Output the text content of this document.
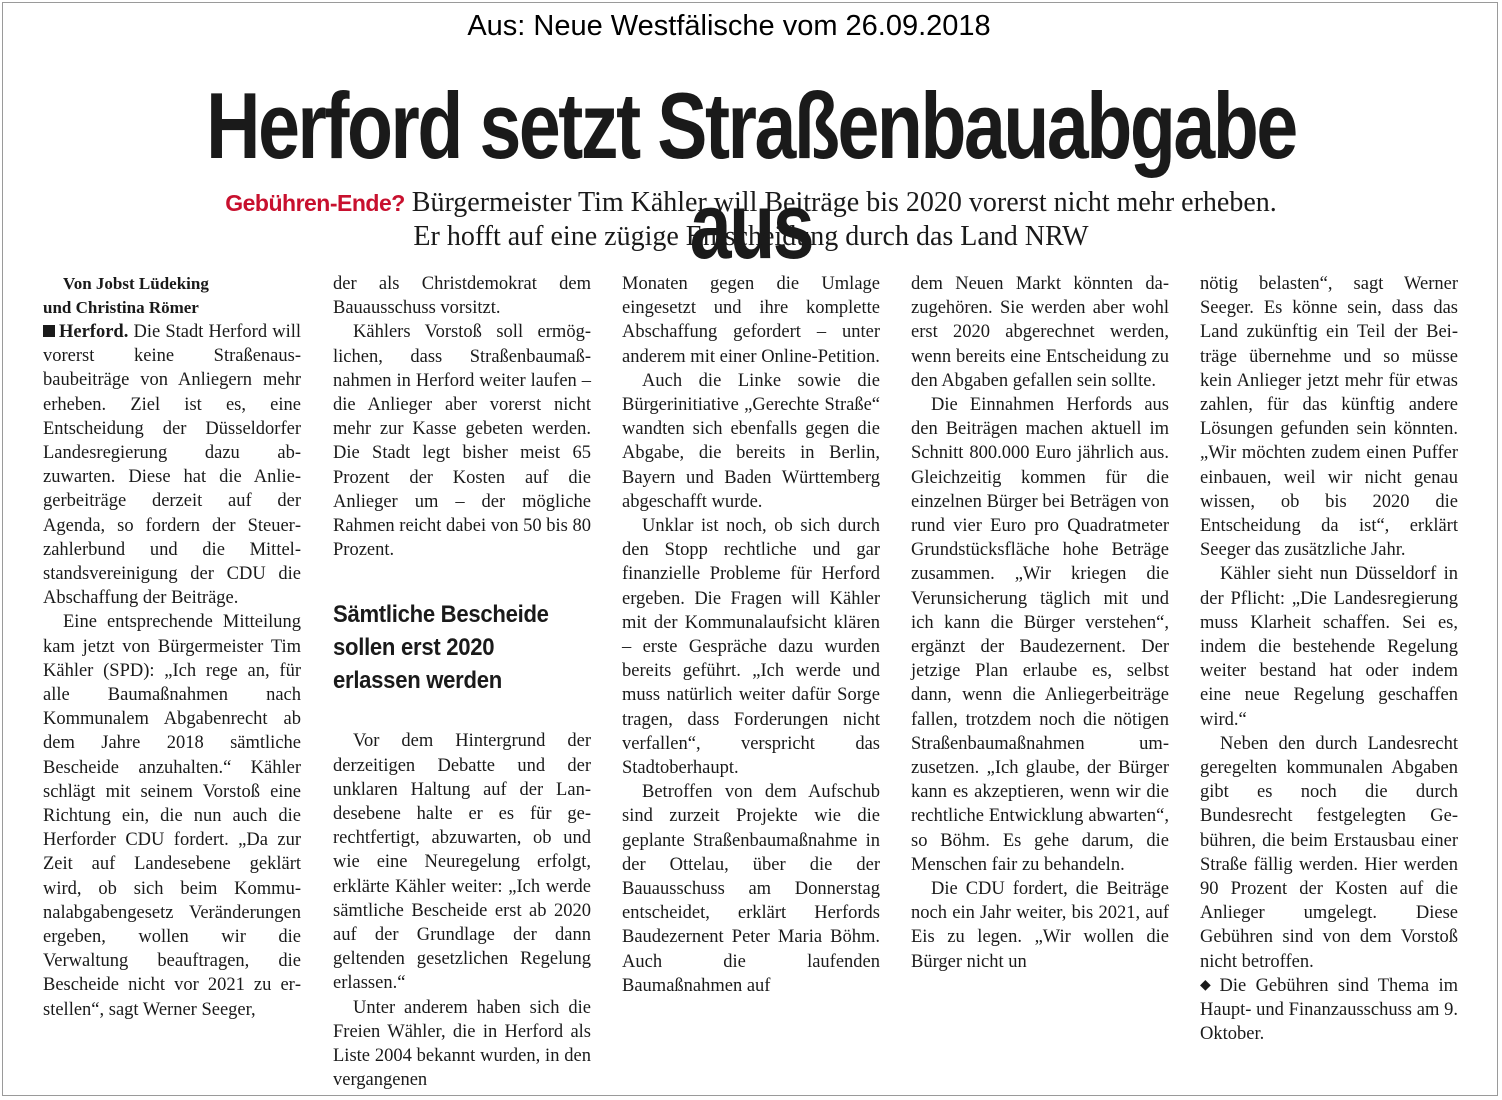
Aus: Neue Westfälische vom 26.09.2018
Herford setzt Straßenbauabgabe aus
Gebühren-Ende? Bürgermeister Tim Kähler will Beiträge bis 2020 vorerst nicht mehr erheben.
Er hofft auf eine zügige Entscheidung durch das Land NRW

Von Jobst Lüdeking
und Christina Römer

Herford. Die Stadt Herford will vorerst keine Straßenausbaubeiträge von Anliegern mehr erheben. Ziel ist es, eine Entscheidung der Düsseldorfer Landesregierung dazu abzuwarten. Diese hat die Anliegerbeiträge derzeit auf der Agenda, so fordern der Steuerzahlerbund und die Mittelstandsvereinigung der CDU die Abschaffung der Beiträge.

Eine entsprechende Mitteilung kam jetzt von Bürgermeister Tim Kähler (SPD): „Ich rege an, für alle Baumaßnahmen nach Kommunalem Abgabenrecht ab dem Jahre 2018 sämtliche Bescheide anzuhalten.“ Kähler schlägt mit seinem Vorstoß eine Richtung ein, die nun auch die Herforder CDU fordert. „Da zur Zeit auf Landesebene geklärt wird, ob sich beim Kommunalabgabengesetz Veränderungen ergeben, wollen wir die Verwaltung beauftragen, die Bescheide nicht vor 2021 zu erstellen“, sagt Werner Seeger,

der als Christdemokrat dem Bauausschuss vorsitzt.

Kählers Vorstoß soll ermöglichen, dass Straßenbaumaßnahmen in Herford weiter laufen – die Anlieger aber vorerst nicht mehr zur Kasse gebeten werden. Die Stadt legt bisher meist 65 Prozent der Kosten auf die Anlieger um – der mögliche Rahmen reicht dabei von 50 bis 80 Prozent.

Sämtliche Bescheide sollen erst 2020 erlassen werden

Vor dem Hintergrund der derzeitigen Debatte und der unklaren Haltung auf der Landesebene halte er es für gerechtfertigt, abzuwarten, ob und wie eine Neuregelung erfolgt, erklärte Kähler weiter: „Ich werde sämtliche Bescheide erst ab 2020 auf der Grundlage der dann geltenden gesetzlichen Regelung erlassen.“

Unter anderem haben sich die Freien Wähler, die in Herford als Liste 2004 bekannt wurden, in den vergangenen

Monaten gegen die Umlage eingesetzt und ihre komplette Abschaffung gefordert – unter anderem mit einer Online-Petition.

Auch die Linke sowie die Bürgerinitiative „Gerechte Straße“ wandten sich ebenfalls gegen die Abgabe, die bereits in Berlin, Bayern und Baden Württemberg abgeschafft wurde.

Unklar ist noch, ob sich durch den Stopp rechtliche und gar finanzielle Probleme für Herford ergeben. Die Fragen will Kähler mit der Kommunalaufsicht klären – erste Gespräche dazu wurden bereits geführt. „Ich werde und muss natürlich weiter dafür Sorge tragen, dass Forderungen nicht verfallen“, verspricht das Stadtoberhaupt.

Betroffen von dem Aufschub sind zurzeit Projekte wie die geplante Straßenbaumaßnahme in der Ottelau, über die der Bauausschuss am Donnerstag entscheidet, erklärt Herfords Baudezernent Peter Maria Böhm. Auch die laufenden Baumaßnahmen auf

dem Neuen Markt könnten dazugehören. Sie werden aber wohl erst 2020 abgerechnet werden, wenn bereits eine Entscheidung zu den Abgaben gefallen sein sollte.

Die Einnahmen Herfords aus den Beiträgen machen aktuell im Schnitt 800.000 Euro jährlich aus. Gleichzeitig kommen für die einzelnen Bürger bei Beträgen von rund vier Euro pro Quadratmeter Grundstücksfläche hohe Beträge zusammen. „Wir kriegen die Verunsicherung täglich mit und ich kann die Bürger verstehen“, ergänzt der Baudezernent. Der jetzige Plan erlaube es, selbst dann, wenn die Anliegerbeiträge fallen, trotzdem noch die nötigen Straßenbaumaßnahmen umzusetzen. „Ich glaube, der Bürger kann es akzeptieren, wenn wir die rechtliche Entwicklung abwarten“, so Böhm. Es gehe darum, die Menschen fair zu behandeln.

Die CDU fordert, die Beiträge noch ein Jahr weiter, bis 2021, auf Eis zu legen. „Wir wollen die Bürger nicht un

nötig belasten“, sagt Werner Seeger. Es könne sein, dass das Land zukünftig ein Teil der Beiträge übernehme und so müsse kein Anlieger jetzt mehr für etwas zahlen, für das künftig andere Lösungen gefunden sein könnten. „Wir möchten zudem einen Puffer einbauen, weil wir nicht genau wissen, ob bis 2020 die Entscheidung da ist“, erklärt Seeger das zusätzliche Jahr.

Kähler sieht nun Düsseldorf in der Pflicht: „Die Landesregierung muss Klarheit schaffen. Sei es, indem die bestehende Regelung weiter bestand hat oder indem eine neue Regelung geschaffen wird.“

Neben den durch Landesrecht geregelten kommunalen Abgaben gibt es noch die durch Bundesrecht festgelegten Gebühren, die beim Erstausbau einer Straße fällig werden. Hier werden 90 Prozent der Kosten auf die Anlieger umgelegt. Diese Gebühren sind von dem Vorstoß nicht betroffen.

◆ Die Gebühren sind Thema im Haupt- und Finanzausschuss am 9. Oktober.
